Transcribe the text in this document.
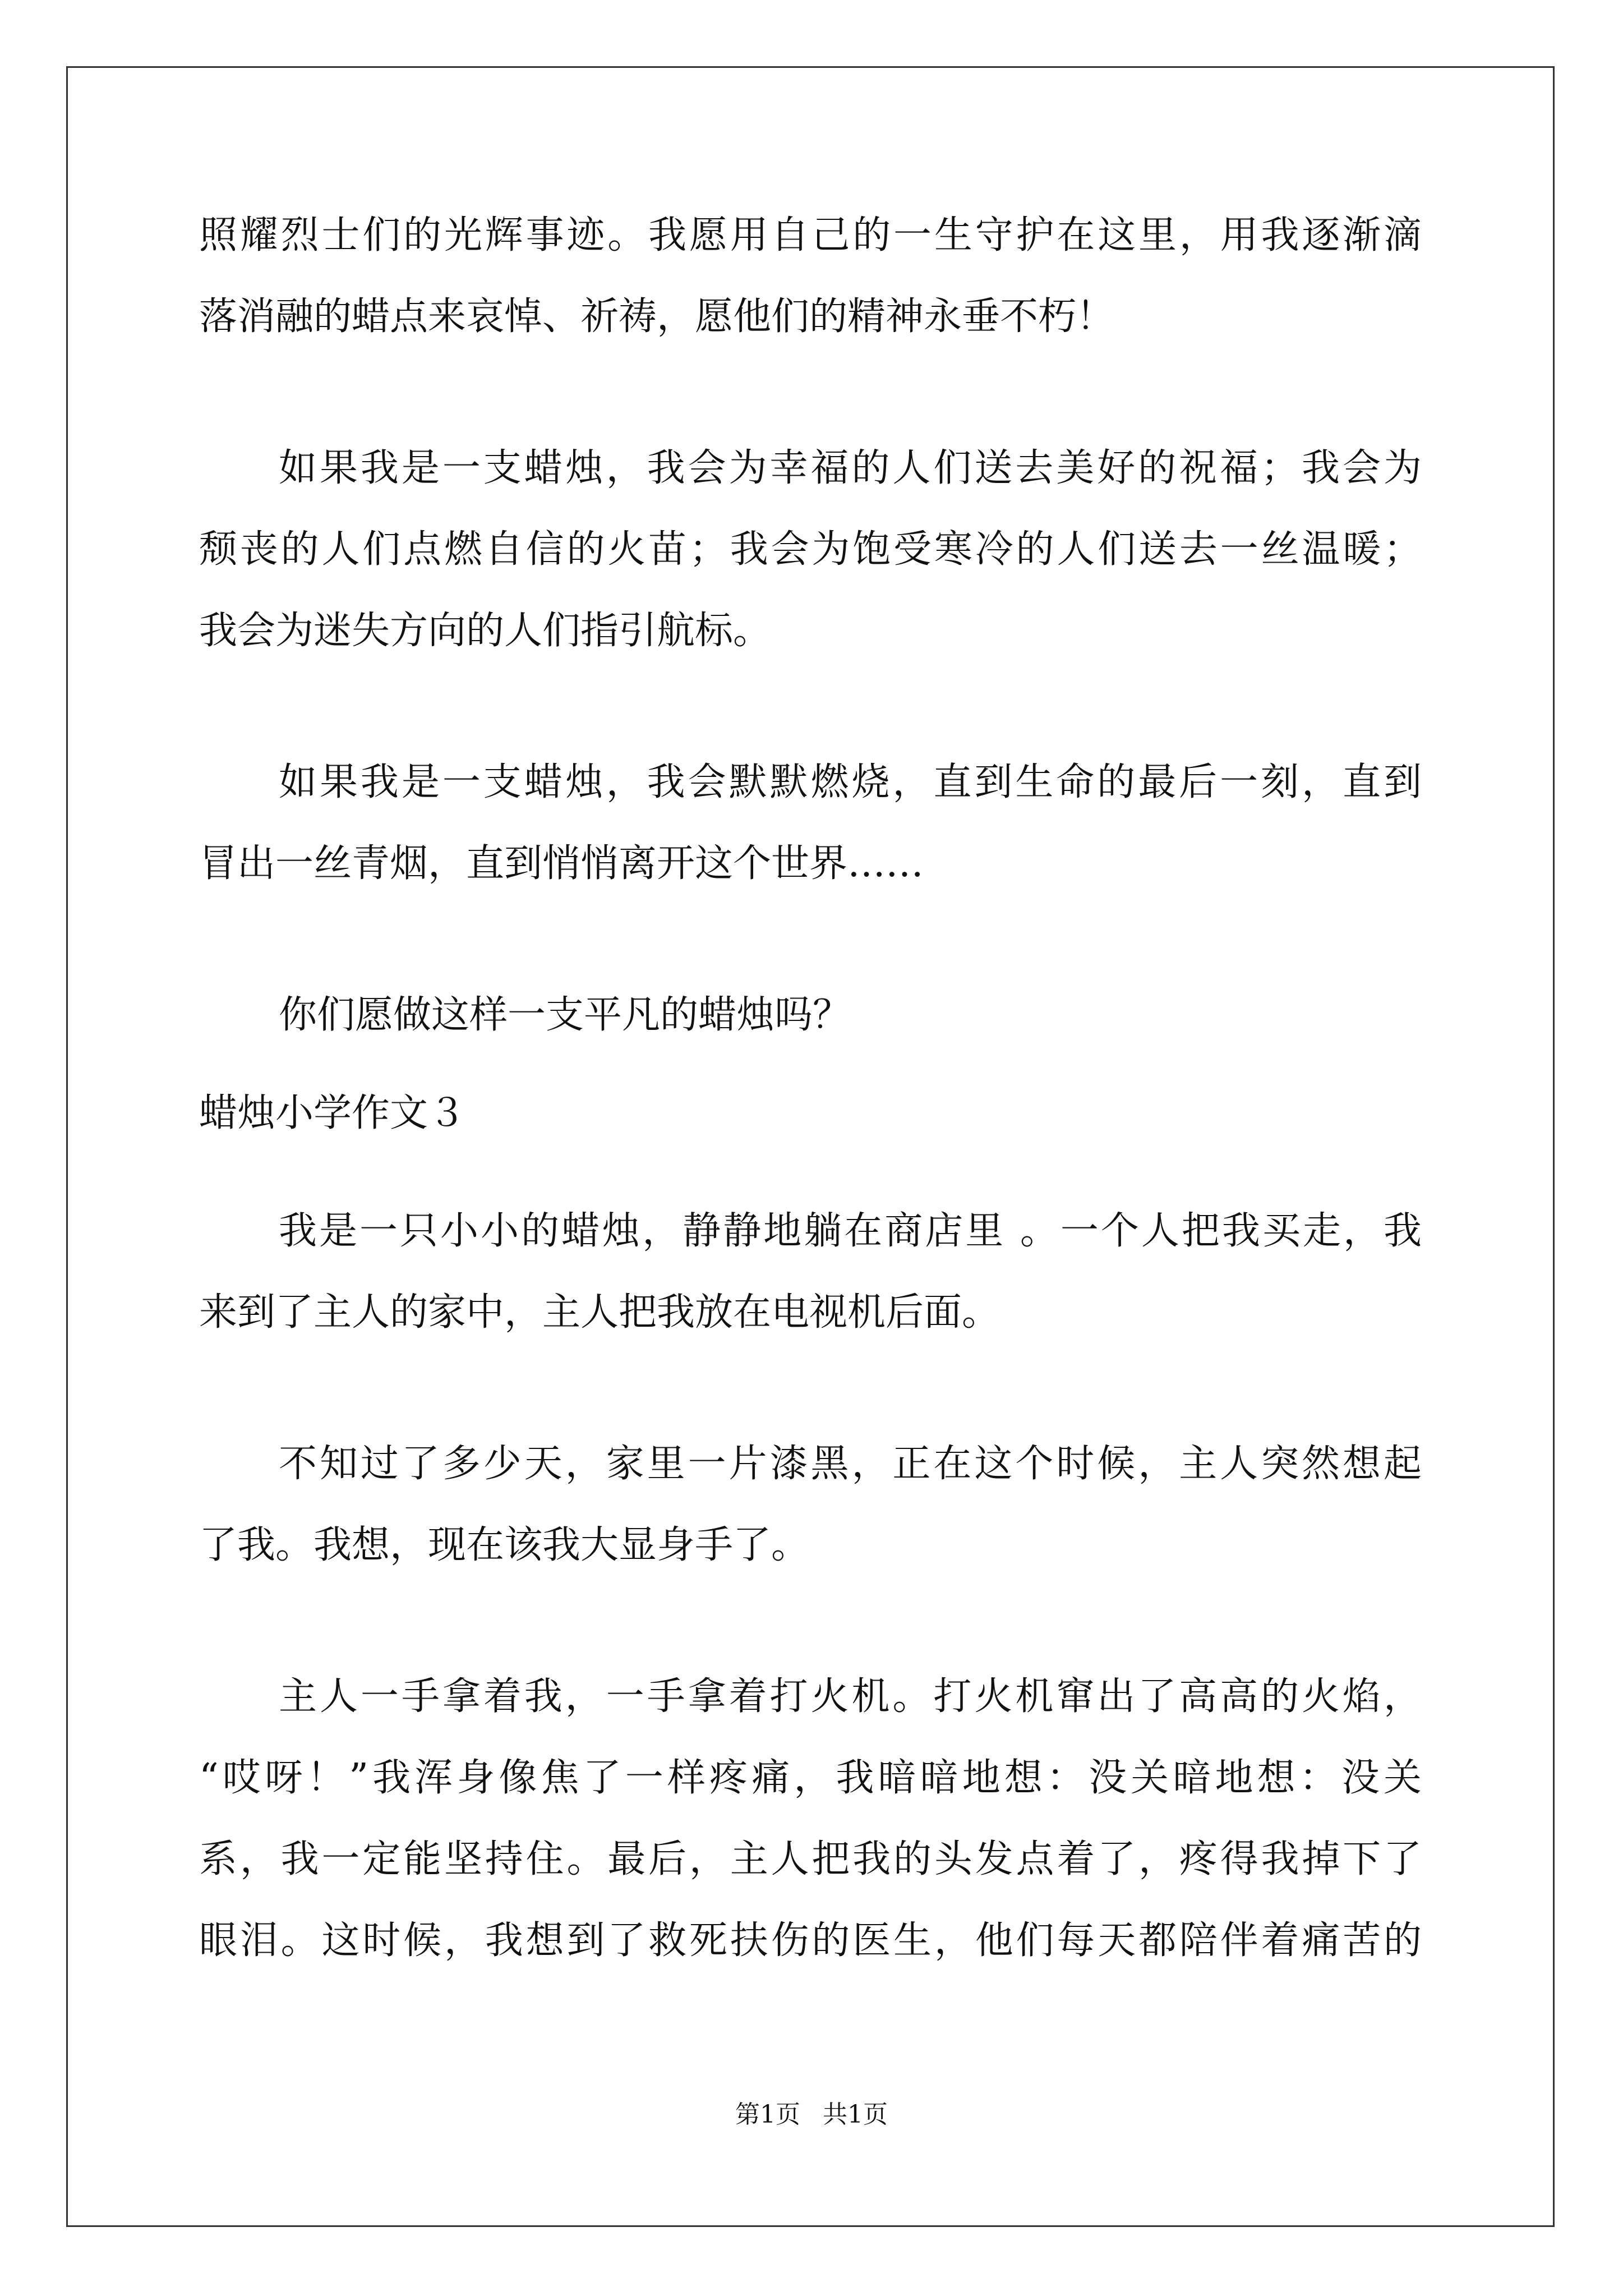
照耀烈士们的光辉事迹。我愿用自己的一生守护在这里，用我逐渐滴
落消融的蜡点来哀悼、祈祷，愿他们的精神永垂不朽！
如果我是一支蜡烛，我会为幸福的人们送去美好的祝福；我会为
颓丧的人们点燃自信的火苗；我会为饱受寒冷的人们送去一丝温暖；
我会为迷失方向的人们指引航标。
如果我是一支蜡烛，我会默默燃烧，直到生命的最后一刻，直到
冒出一丝青烟，直到悄悄离开这个世界……
你们愿做这样一支平凡的蜡烛吗？
蜡烛小学作文３
我是一只小小的蜡烛，静静地躺在商店里 。一个人把我买走，我
来到了主人的家中，主人把我放在电视机后面。
不知过了多少天，家里一片漆黑，正在这个时候，主人突然想起
了我。我想，现在该我大显身手了。
主人一手拿着我，一手拿着打火机。打火机窜出了高高的火焰，
“哎呀！”我浑身像焦了一样疼痛，我暗暗地想：没关暗地想：没关
系，我一定能坚持住。最后，主人把我的头发点着了，疼得我掉下了
眼泪。这时候，我想到了救死扶伤的医生，他们每天都陪伴着痛苦的
第1页 共1页
